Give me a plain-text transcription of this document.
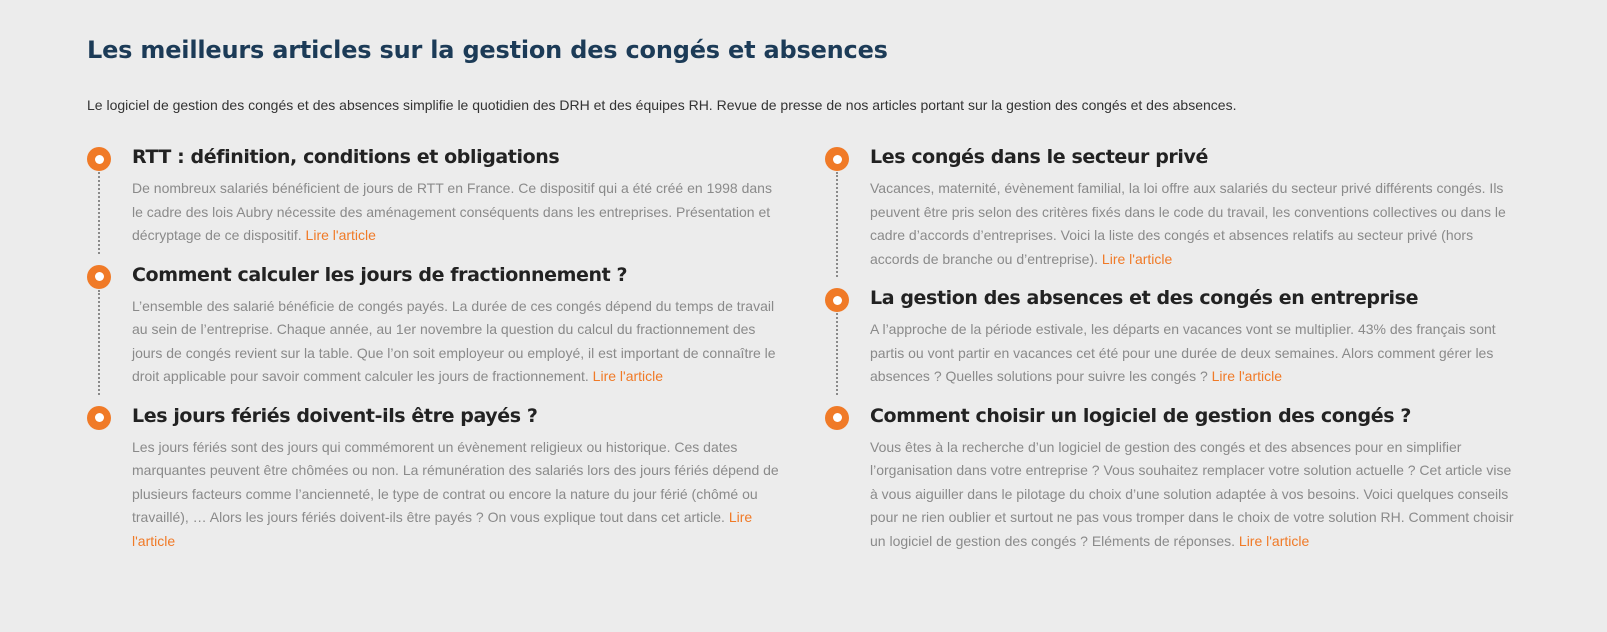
Les meilleurs articles sur la gestion des congés et absences
Le logiciel de gestion des congés et des absences simplifie le quotidien des DRH et des équipes RH. Revue de presse de nos articles portant sur la gestion des congés et des absences.
RTT : définition, conditions et obligations

De nombreux salariés bénéficient de jours de RTT en France. Ce dispositif qui a été créé en 1998 dans le cadre des lois Aubry nécessite des aménagement conséquents dans les entreprises. Présentation et décryptage de ce dispositif. Lire l'article

Comment calculer les jours de fractionnement ?

L’ensemble des salarié bénéficie de congés payés. La durée de ces congés dépend du temps de travail au sein de l’entreprise. Chaque année, au 1er novembre la question du calcul du fractionnement des jours de congés revient sur la table. Que l’on soit employeur ou employé, il est important de connaître le droit applicable pour savoir comment calculer les jours de fractionnement. Lire l'article

Les jours fériés doivent-ils être payés ?

Les jours fériés sont des jours qui commémorent un évènement religieux ou historique. Ces dates marquantes peuvent être chômées ou non. La rémunération des salariés lors des jours fériés dépend de plusieurs facteurs comme l’ancienneté, le type de contrat ou encore la nature du jour férié (chômé ou travaillé), … Alors les jours fériés doivent-ils être payés ? On vous explique tout dans cet article. Lire l'article

Les congés dans le secteur privé

Vacances, maternité, évènement familial, la loi offre aux salariés du secteur privé différents congés. Ils peuvent être pris selon des critères fixés dans le code du travail, les conventions collectives ou dans le cadre d’accords d’entreprises. Voici la liste des congés et absences relatifs au secteur privé (hors accords de branche ou d’entreprise). Lire l'article

La gestion des absences et des congés en entreprise

A l’approche de la période estivale, les départs en vacances vont se multiplier. 43% des français sont partis ou vont partir en vacances cet été pour une durée de deux semaines. Alors comment gérer les absences ? Quelles solutions pour suivre les congés ? Lire l'article

Comment choisir un logiciel de gestion des congés ?

Vous êtes à la recherche d’un logiciel de gestion des congés et des absences pour en simplifier l’organisation dans votre entreprise ? Vous souhaitez remplacer votre solution actuelle ? Cet article vise à vous aiguiller dans le pilotage du choix d’une solution adaptée à vos besoins. Voici quelques conseils pour ne rien oublier et surtout ne pas vous tromper dans le choix de votre solution RH. Comment choisir un logiciel de gestion des congés ? Eléments de réponses. Lire l'article
